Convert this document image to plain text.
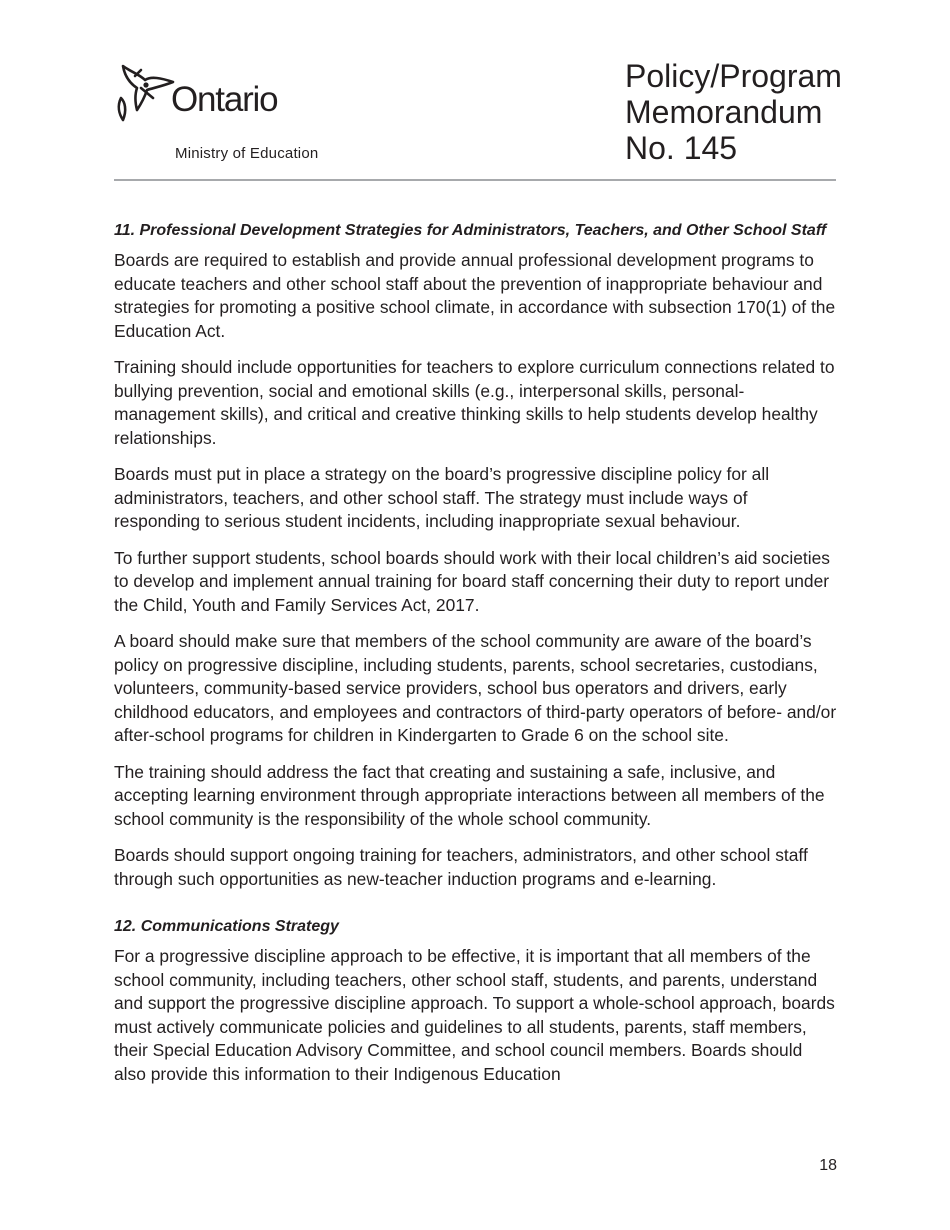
Ontario
Ministry of Education
Policy/Program
Memorandum
No. 145
11. Professional Development Strategies for Administrators, Teachers, and Other School Staff

Boards are required to establish and provide annual professional development programs to educate teachers and other school staff about the prevention of inappropriate behaviour and strategies for promoting a positive school climate, in accordance with subsection 170(1) of the Education Act.

Training should include opportunities for teachers to explore curriculum connections related to bullying prevention, social and emotional skills (e.g., interpersonal skills, personal-management skills), and critical and creative thinking skills to help students develop healthy relationships.

Boards must put in place a strategy on the board’s progressive discipline policy for all administrators, teachers, and other school staff. The strategy must include ways of responding to serious student incidents, including inappropriate sexual behaviour.

To further support students, school boards should work with their local children’s aid societies to develop and implement annual training for board staff concerning their duty to report under the Child, Youth and Family Services Act, 2017.

A board should make sure that members of the school community are aware of the board’s policy on progressive discipline, including students, parents, school secretaries, custodians, volunteers, community-based service providers, school bus operators and drivers, early childhood educators, and employees and contractors of third-party operators of before- and/or after-school programs for children in Kindergarten to Grade 6 on the school site.

The training should address the fact that creating and sustaining a safe, inclusive, and accepting learning environment through appropriate interactions between all members of the school community is the responsibility of the whole school community.

Boards should support ongoing training for teachers, administrators, and other school staff through such opportunities as new-teacher induction programs and e-learning.

12. Communications Strategy

For a progressive discipline approach to be effective, it is important that all members of the school community, including teachers, other school staff, students, and parents, understand and support the progressive discipline approach. To support a whole-school approach, boards must actively communicate policies and guidelines to all students, parents, staff members, their Special Education Advisory Committee, and school council members. Boards should also provide this information to their Indigenous Education

18
